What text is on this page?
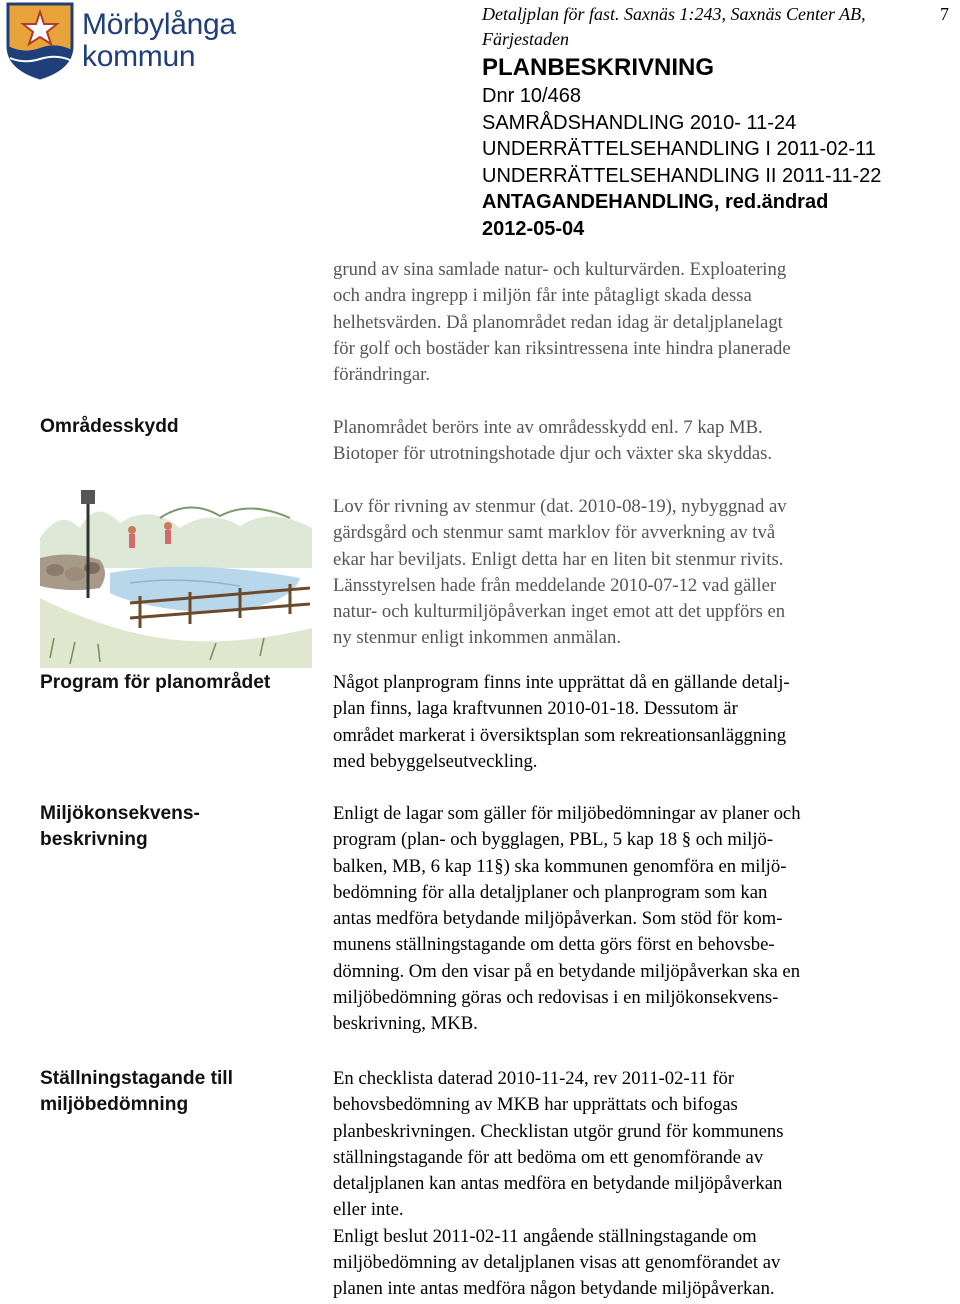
Mörbylånga
kommun
Detaljplan för fast. Saxnäs 1:243, Saxnäs Center AB, Färjestaden
PLANBESKRIVNING
Dnr 10/468
SAMRÅDSHANDLING 2010- 11-24
UNDERRÄTTELSEHANDLING I 2011-02-11
UNDERRÄTTELSEHANDLING II 2011-11-22
ANTAGANDEHANDLING, red.ändrad
2012-05-04
7

grund av sina samlade natur- och kulturvärden. Exploatering

och andra ingrepp i miljön får inte påtagligt skada dessa

helhetsvärden. Då planområdet redan idag är detaljplanelagt

för golf och bostäder kan riksintressena inte hindra planerade

förändringar.

Områdesskydd	Planområdet berörs inte av områdesskydd enl. 7 kap MB.

Biotoper för utrotningshotade djur och växter ska skyddas.

Lov för rivning av stenmur (dat. 2010-08-19), nybyggnad av

gärdsgård och stenmur samt marklov för avverkning av två

ekar har beviljats. Enligt detta har en liten bit stenmur rivits.

Länsstyrelsen hade från meddelande 2010-07-12 vad gäller

natur- och kulturmiljöpåverkan inget emot att det uppförs en

ny stenmur enligt inkommen anmälan.

Program för planområdet	Något planprogram finns inte upprättat då en gällande detalj-

plan finns, laga kraftvunnen 2010-01-18. Dessutom är

området markerat i översiktsplan som rekreationsanläggning

med bebyggelseutveckling.

Miljökonsekvens-
beskrivning

Enligt de lagar som gäller för miljöbedömningar av planer och

program (plan- och bygglagen, PBL, 5 kap 18 § och miljö-

balken, MB, 6 kap 11§) ska kommunen genomföra en miljö-

bedömning för alla detaljplaner och planprogram som kan

antas medföra betydande miljöpåverkan. Som stöd för kom-

munens ställningstagande om detta görs först en behovsbe-

dömning. Om den visar på en betydande miljöpåverkan ska en

miljöbedömning göras och redovisas i en miljökonsekvens-

beskrivning, MKB.

Ställningstagande till
miljöbedömning

En checklista daterad 2010-11-24, rev 2011-02-11 för

behovsbedömning av MKB har upprättats och bifogas

planbeskrivningen. Checklistan utgör grund för kommunens

ställningstagande för att bedöma om ett genomförande av

detaljplanen kan antas medföra en betydande miljöpåverkan

eller inte.

Enligt beslut 2011-02-11 angående ställningstagande om

miljöbedömning av detaljplanen visas att genomförandet av

planen inte antas medföra någon betydande miljöpåverkan.
